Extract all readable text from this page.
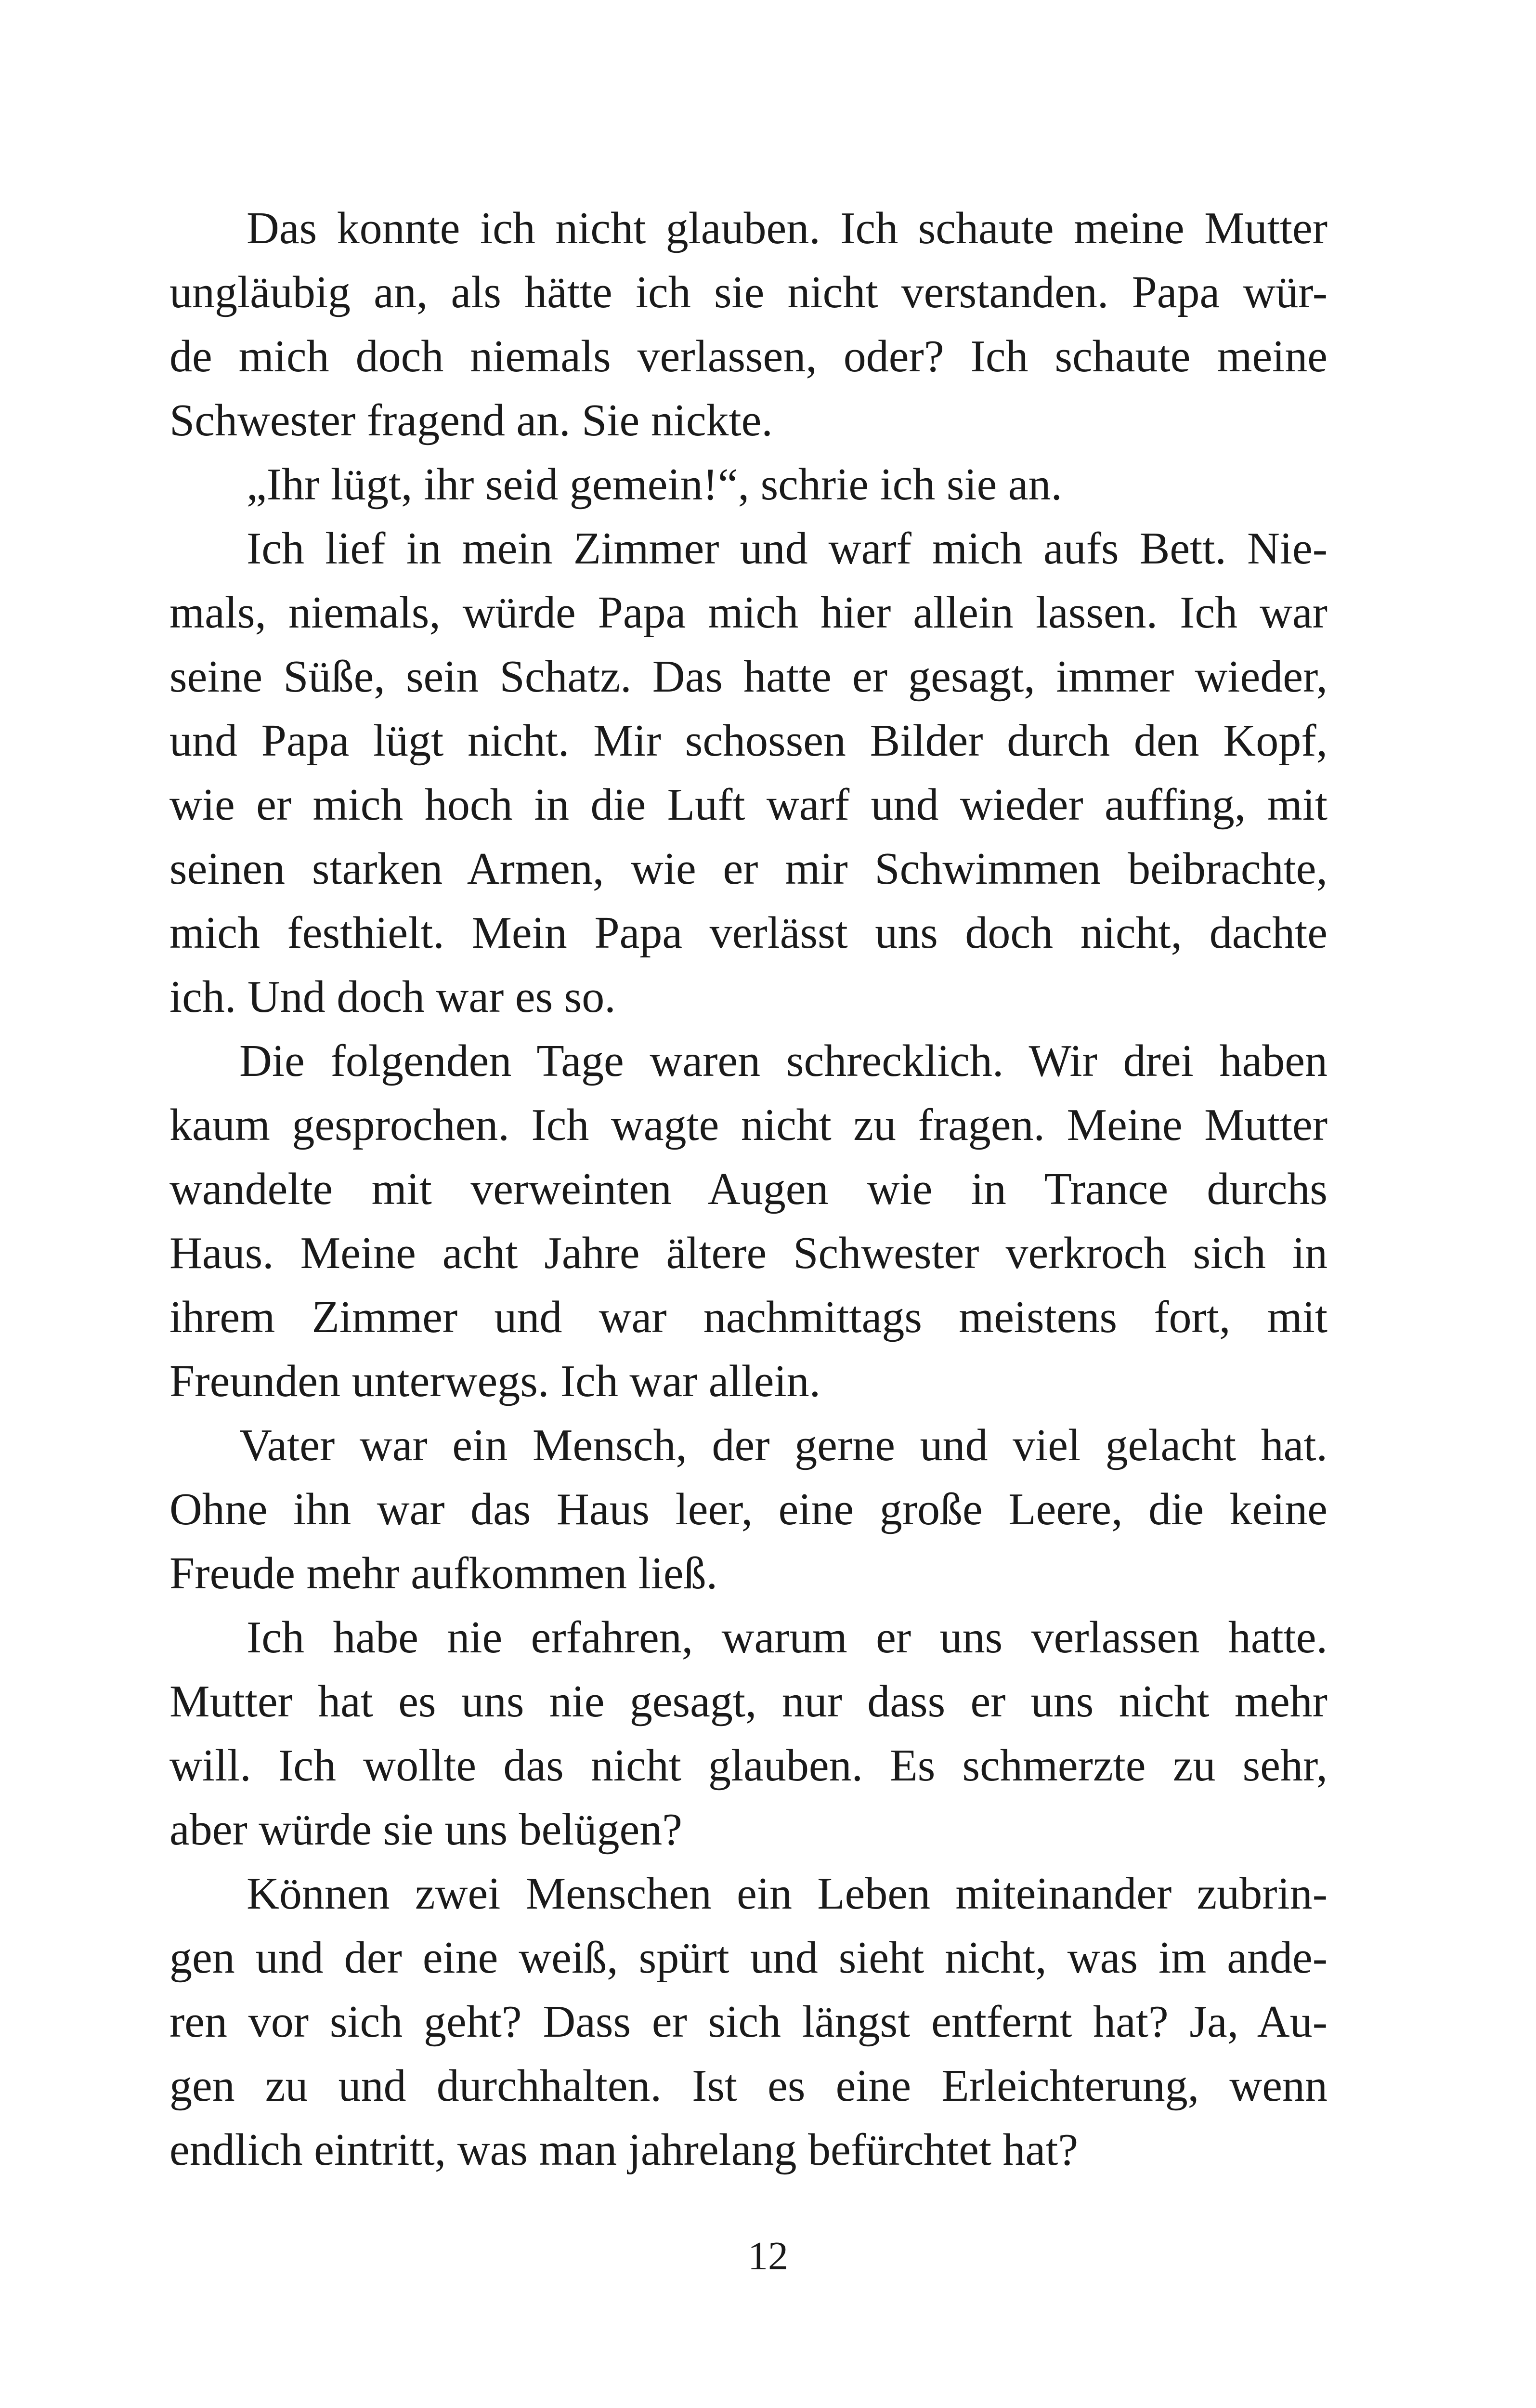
Das konnte ich nicht glauben. Ich schaute meine Mutter
ungläubig an, als hätte ich sie nicht verstanden. Papa wür-
de mich doch niemals verlassen, oder? Ich schaute meine
Schwester fragend an. Sie nickte.
„Ihr lügt, ihr seid gemein!“, schrie ich sie an.
Ich lief in mein Zimmer und warf mich aufs Bett. Nie-
mals, niemals, würde Papa mich hier allein lassen. Ich war
seine Süße, sein Schatz. Das hatte er gesagt, immer wieder,
und Papa lügt nicht. Mir schossen Bilder durch den Kopf,
wie er mich hoch in die Luft warf und wieder auffing, mit
seinen starken Armen, wie er mir Schwimmen beibrachte,
mich festhielt. Mein Papa verlässt uns doch nicht, dachte
ich. Und doch war es so.
Die folgenden Tage waren schrecklich. Wir drei haben
kaum gesprochen. Ich wagte nicht zu fragen. Meine Mutter
wandelte mit verweinten Augen wie in Trance durchs
Haus. Meine acht Jahre ältere Schwester verkroch sich in
ihrem Zimmer und war nachmittags meistens fort, mit
Freunden unterwegs. Ich war allein.
Vater war ein Mensch, der gerne und viel gelacht hat.
Ohne ihn war das Haus leer, eine große Leere, die keine
Freude mehr aufkommen ließ.
Ich habe nie erfahren, warum er uns verlassen hatte.
Mutter hat es uns nie gesagt, nur dass er uns nicht mehr
will. Ich wollte das nicht glauben. Es schmerzte zu sehr,
aber würde sie uns belügen?
Können zwei Menschen ein Leben miteinander zubrin-
gen und der eine weiß, spürt und sieht nicht, was im ande-
ren vor sich geht? Dass er sich längst entfernt hat? Ja, Au-
gen zu und durchhalten. Ist es eine Erleichterung, wenn
endlich eintritt, was man jahrelang befürchtet hat?
12
